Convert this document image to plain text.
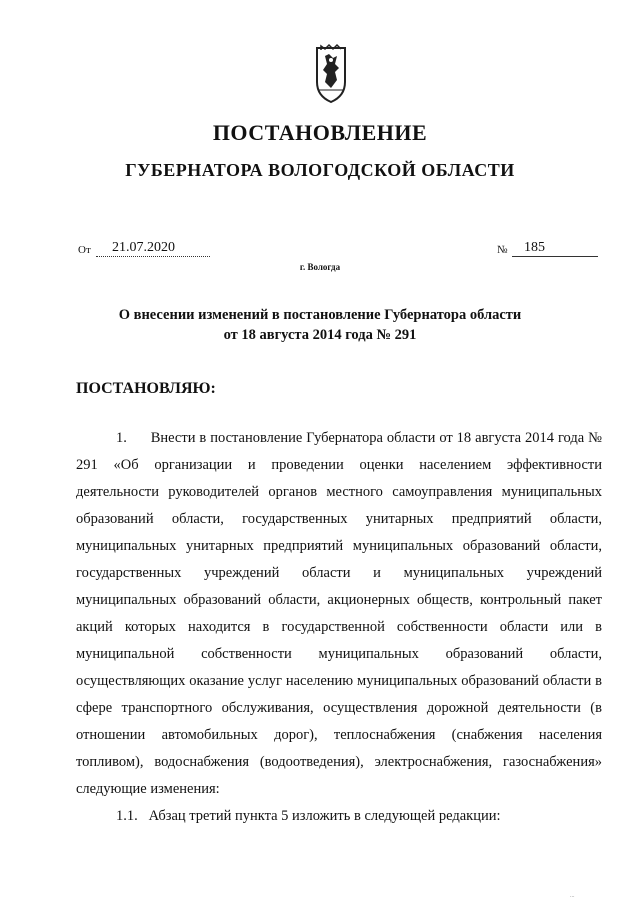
ПОСТАНОВЛЕНИЕ
ГУБЕРНАТОРА ВОЛОГОДСКОЙ ОБЛАСТИ
От	21.07.2020	№	185
г. Вологда
О внесении изменений в постановление Губернатора области
от 18 августа 2014 года № 291
ПОСТАНОВЛЯЮ:

1.      Внести в постановление Губернатора области от 18 августа 2014 года № 291 «Об организации и проведении оценки населением эффективности деятельности руководителей органов местного самоуправления муниципальных образований области, государственных унитарных предприятий области, муниципальных унитарных предприятий муниципальных образований области, государственных учреждений области и муниципальных учреждений муниципальных образований области, акционерных обществ, контрольный пакет акций которых находится в государственной собственности области или в муниципальной собственности муниципальных образований области, осуществляющих оказание услуг населению муниципальных образований области в сфере транспортного обслуживания, осуществления дорожной деятельности (в отношении автомобильных дорог), теплоснабжения (снабжения населения топливом), водоснабжения (водоотведения), электроснабжения, газоснабжения» следующие изменения:

1.1.   Абзац третий пункта 5 изложить в следующей редакции:

...
